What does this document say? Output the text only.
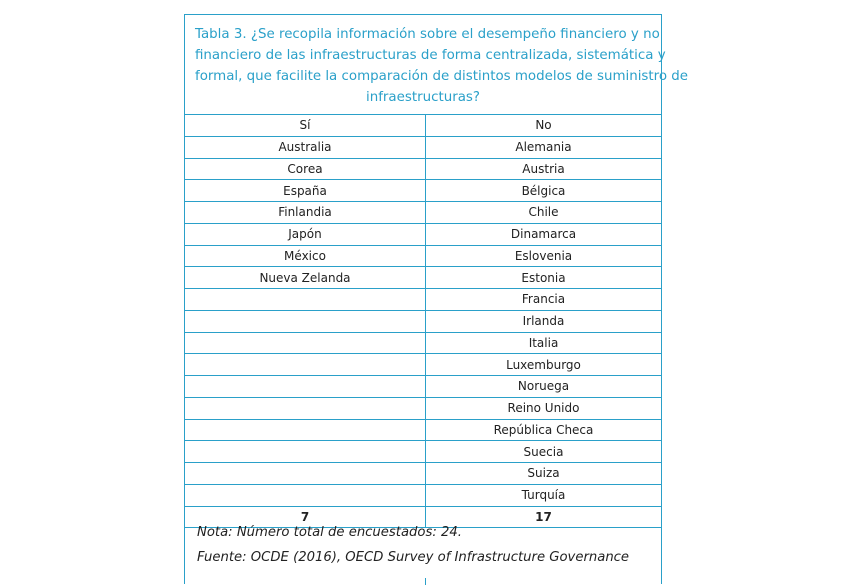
Tabla 3. ¿Se recopila información sobre el desempeño financiero y no
financiero de las infraestructuras de forma centralizada, sistemática y
formal, que facilite la comparación de distintos modelos de suministro de
infraestructuras?
Sí	No
Australia	Alemania
Corea	Austria
España	Bélgica
Finlandia	Chile
Japón	Dinamarca
México	Eslovenia
Nueva Zelanda	Estonia
	Francia
	Irlanda
	Italia
	Luxemburgo
	Noruega
	Reino Unido
	República Checa
	Suecia
	Suiza
	Turquía
7	17
Nota: Número total de encuestados: 24.
Fuente: OCDE (2016), OECD Survey of Infrastructure Governance
